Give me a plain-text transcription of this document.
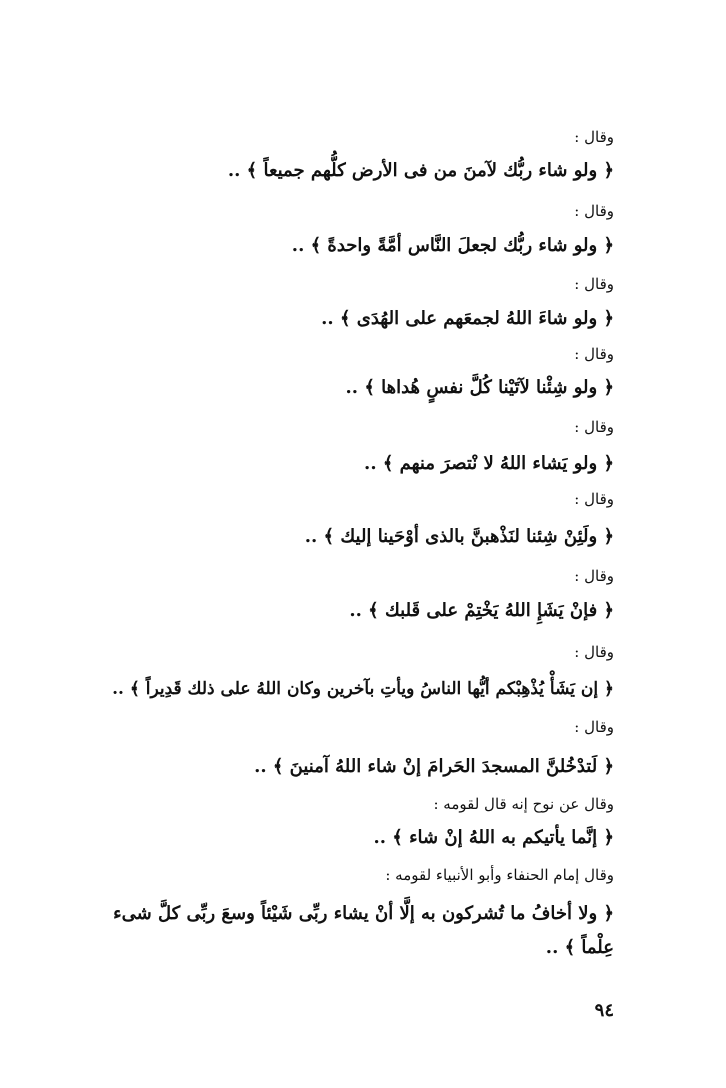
وقال :
﴿ ولو شاء ربُّك لآمنَ من فى الأرض كلُّهم جميعاً ﴾ ..
وقال :
﴿ ولو شاء ربُّك لجعلَ النَّاس أمَّةً واحدةً ﴾ ..
وقال :
﴿ ولو شاءَ اللهُ لجمعَهم على الهُدَى ﴾ ..
وقال :
﴿ ولو شِئْنا لآتَيْنا كُلَّ نفسٍ هُداها ﴾ ..
وقال :
﴿ ولو يَشاء اللهُ لا نْتصرَ منهم ﴾ ..
وقال :
﴿ ولَئِنْ شِئنا لنَذْهبنَّ بالذى أوْحَينا إليك ﴾ ..
وقال :
﴿ فإنْ يَشَإِ اللهُ يَخْتِمْ على قَلبك ﴾ ..
وقال :
﴿ إن يَشَأْ يُذْهِبْكم أيُّها الناسُ ويأتِ بآخرين وكان اللهُ على ذلك قَدِيراً ﴾ ..
وقال :
﴿ لَتدْخُلنَّ المسجدَ الحَرامَ إنْ شاء اللهُ آمنينَ ﴾ ..
وقال عن نوح إنه قال لقومه :
﴿ إنَّما يأتيكم به اللهُ إنْ شاء ﴾ ..
وقال إمام الحنفاء وأبو الأنبياء لقومه :
﴿ ولا أخافُ ما تُشركون به إلَّا أنْ يشاء ربِّى شَيْئاً وسعَ ربِّى كلَّ شىء
عِلْماً ﴾ ..
٩٤
